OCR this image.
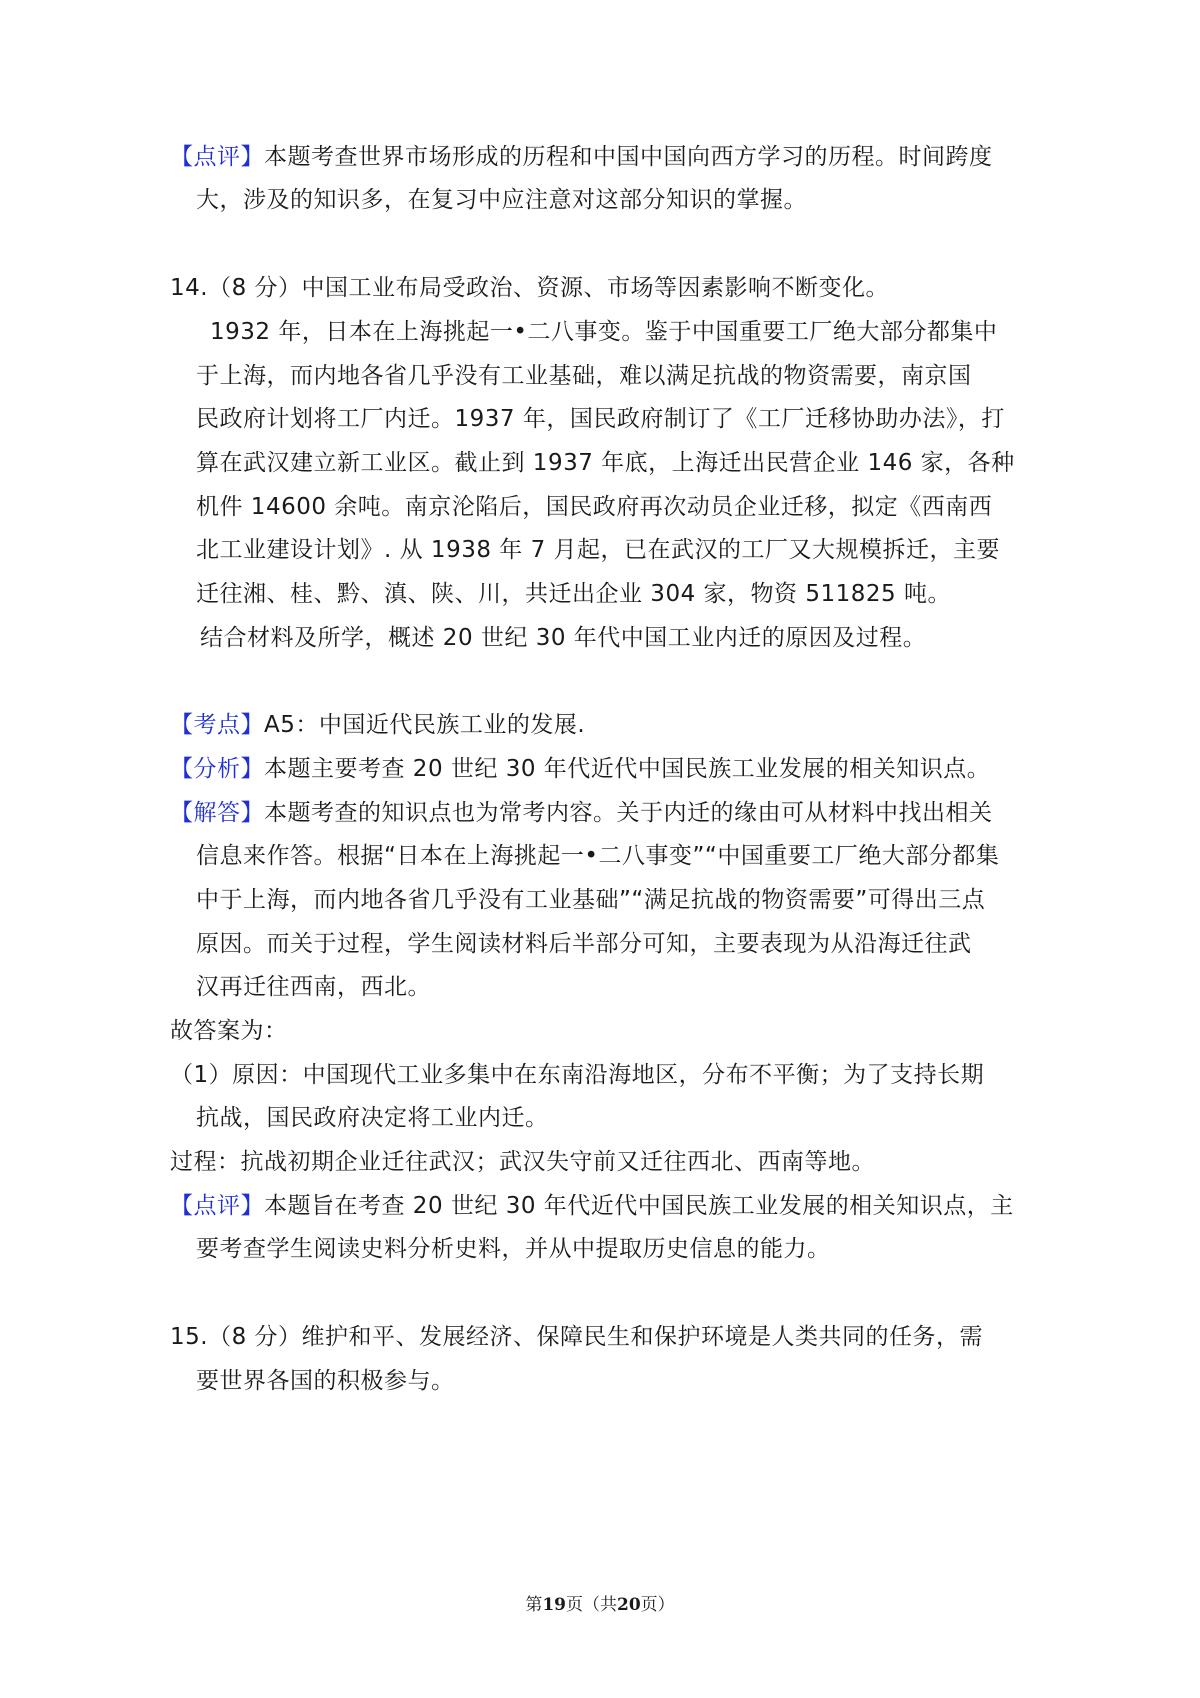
【点评】本题考查世界市场形成的历程和中国中国向西方学习的历程。时间跨度
大，涉及的知识多，在复习中应注意对这部分知识的掌握。
14.（8 分）中国工业布局受政治、资源、市场等因素影响不断变化。
1932 年，日本在上海挑起一•二八事变。鉴于中国重要工厂绝大部分都集中
于上海，而内地各省几乎没有工业基础，难以满足抗战的物资需要，南京国
民政府计划将工厂内迁。1937 年，国民政府制订了《工厂迁移协助办法》，打
算在武汉建立新工业区。截止到 1937 年底，上海迁出民营企业 146 家，各种
机件 14600 余吨。南京沦陷后，国民政府再次动员企业迁移，拟定《西南西
北工业建设计划》. 从 1938 年 7 月起，已在武汉的工厂又大规模拆迁，主要
迁往湘、桂、黔、滇、陕、川，共迁出企业 304 家，物资 511825 吨。
结合材料及所学，概述 20 世纪 30 年代中国工业内迁的原因及过程。
【考点】A5：中国近代民族工业的发展.
【分析】本题主要考查 20 世纪 30 年代近代中国民族工业发展的相关知识点。
【解答】本题考查的知识点也为常考内容。关于内迁的缘由可从材料中找出相关
信息来作答。根据“日本在上海挑起一•二八事变”“中国重要工厂绝大部分都集
中于上海，而内地各省几乎没有工业基础”“满足抗战的物资需要”可得出三点
原因。而关于过程，学生阅读材料后半部分可知，主要表现为从沿海迁往武
汉再迁往西南，西北。
故答案为：
（1）原因：中国现代工业多集中在东南沿海地区，分布不平衡；为了支持长期
抗战，国民政府决定将工业内迁。
过程：抗战初期企业迁往武汉；武汉失守前又迁往西北、西南等地。
【点评】本题旨在考查 20 世纪 30 年代近代中国民族工业发展的相关知识点，主
要考查学生阅读史料分析史料，并从中提取历史信息的能力。
15.（8 分）维护和平、发展经济、保障民生和保护环境是人类共同的任务，需
要世界各国的积极参与。
第19页（共20页）
